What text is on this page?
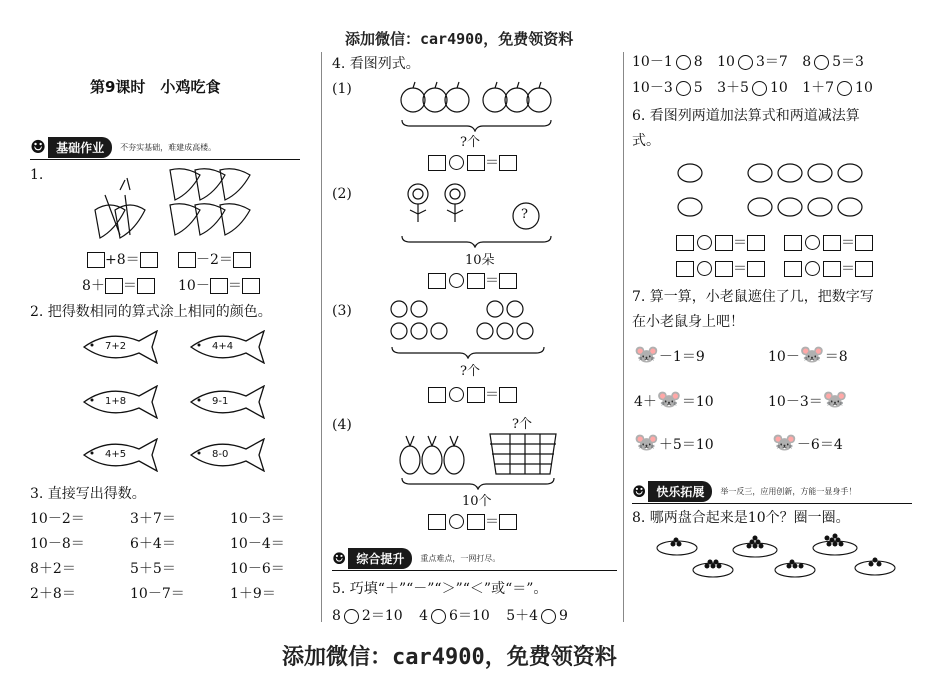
添加微信：car4900，免费领资料
第9课时　小鸡吃食
☻ 基础作业	不夯实基础，难建成高楼。
1.
+8＝	－2＝
8＋ ＝	10－ ＝
2. 把得数相同的算式涂上相同的颜色。
7+2	4+4
1+8	9-1
4+5	8-0
3. 直接写出得数。
10－2＝	3＋7＝	10－3＝
10－8＝	6＋4＝	10－4＝
8＋2＝	5＋5＝	10－6＝
2＋8＝	10－7＝	1＋9＝
4. 看图列式。
(1)
?个
＝
(2)
?
10朵
＝
(3)
?个
＝
(4)	?个
10个
＝
☻ 综合提升	重点难点，一网打尽。
5. 巧填“＋”“－”“＞”“＜”或“＝”。
8 2＝10 4 6＝10 5＋4 9
10－1 8 10 3＝7 8 5＝3
10－3 5 3＋5 10 1＋7 10
6. 看图列两道加法算式和两道减法算
式。
＝	＝
＝	＝
7. 算一算，小老鼠遮住了几，把数字写
在小老鼠身上吧！
🐭－1＝9	10－🐭＝8
4＋🐭＝10	10－3＝🐭
🐭＋5＝10	🐭－6＝4
☻ 快乐拓展	举一反三，应用创新，方能一显身手！
8. 哪两盘合起来是10个？圈一圈。
添加微信：car4900，免费领资料
